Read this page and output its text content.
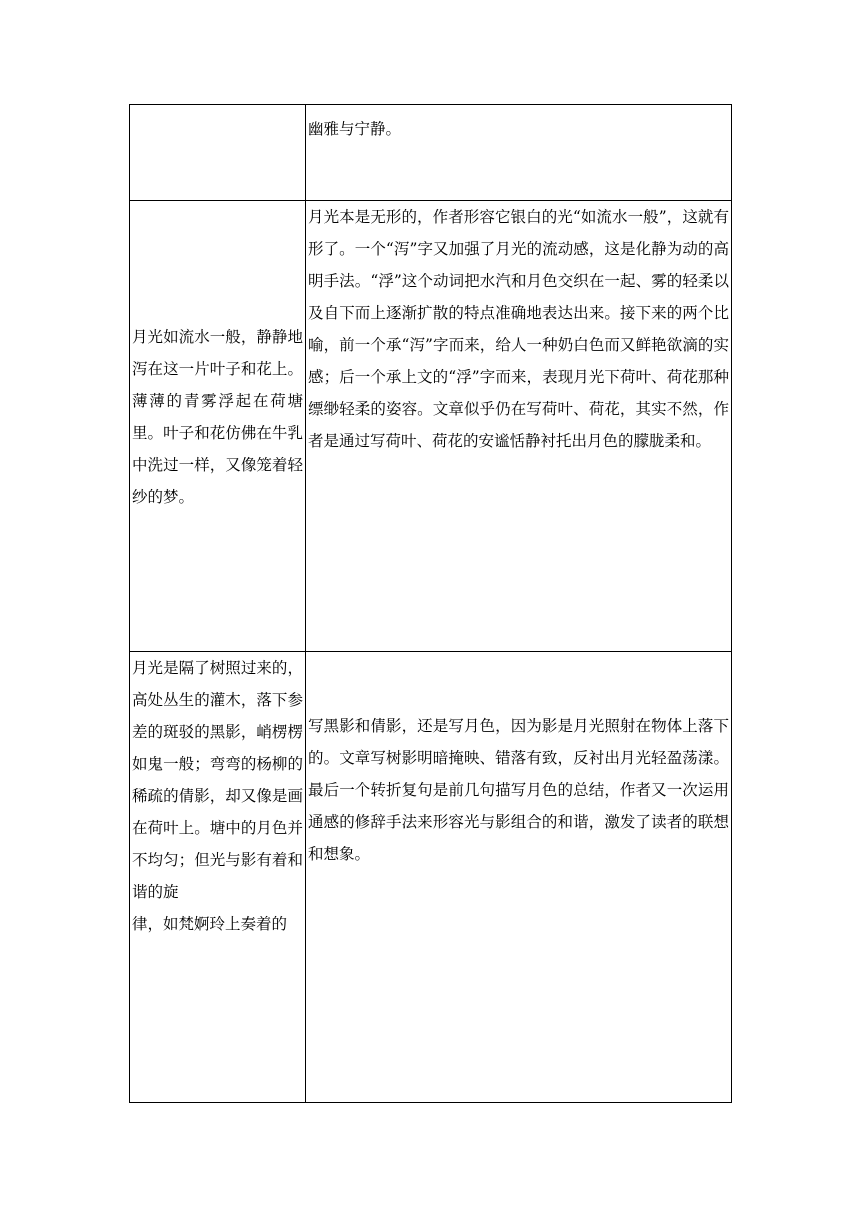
	幽雅与宁静。

月光如流水一般，静静地泻在这一片叶子和花上。薄薄的青雾浮起在荷塘里。叶子和花仿佛在牛乳中洗过一样，又像笼着轻纱的梦。	月光本是无形的，作者形容它银白的光“如流水一般”，这就有形了。一个“泻”字又加强了月光的流动感，这是化静为动的高明手法。“浮”这个动词把水汽和月色交织在一起、雾的轻柔以及自下而上逐渐扩散的特点准确地表达出来。接下来的两个比喻，前一个承“泻”字而来，给人一种奶白色而又鲜艳欲滴的实感；后一个承上文的“浮”字而来，表现月光下荷叶、荷花那种缥缈轻柔的姿容。文章似乎仍在写荷叶、荷花，其实不然，作者是通过写荷叶、荷花的安谧恬静衬托出月色的朦胧柔和。

月光是隔了树照过来的，高处丛生的灌木，落下参差的斑驳的黑影，峭楞楞如鬼一般；弯弯的杨柳的稀疏的倩影，却又像是画在荷叶上。塘中的月色并不均匀；但光与影有着和谐的旋
律，如梵婀玲上奏着的	写黑影和倩影，还是写月色，因为影是月光照射在物体上落下的。文章写树影明暗掩映、错落有致，反衬出月光轻盈荡漾。最后一个转折复句是前几句描写月色的总结，作者又一次运用通感的修辞手法来形容光与影组合的和谐，激发了读者的联想和想象。
